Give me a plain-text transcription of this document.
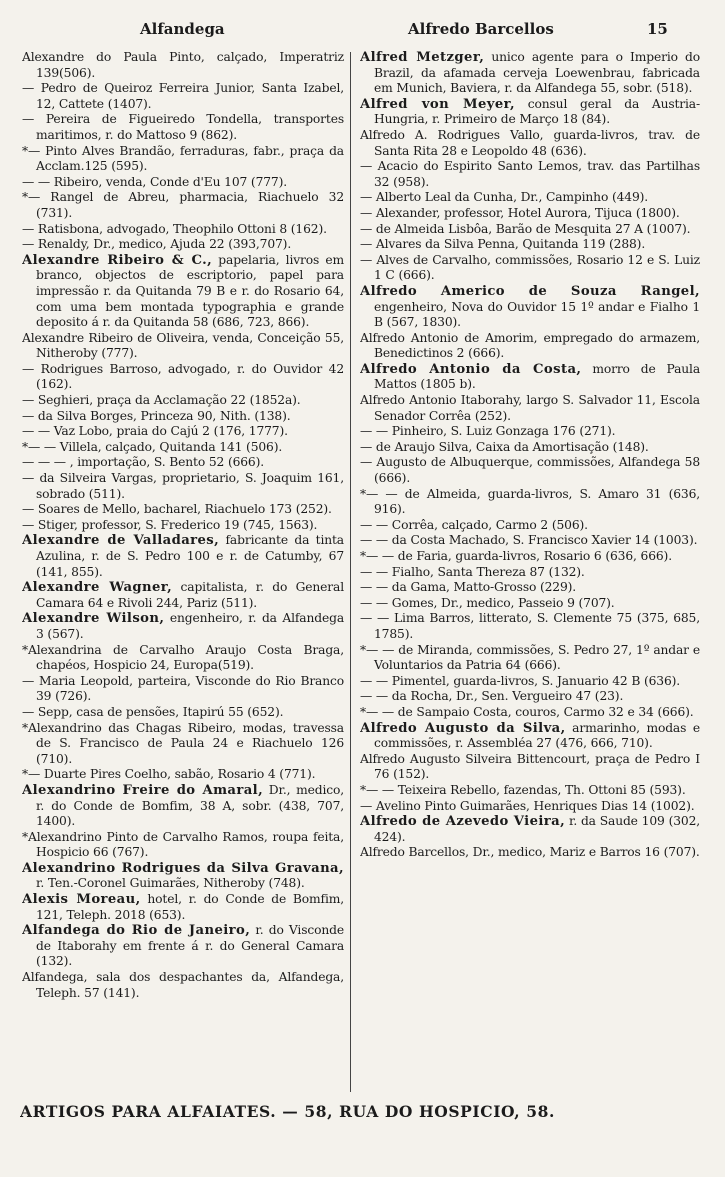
Alfandega	Alfredo Barcellos	15

Alexandre do Paula Pinto, calçado, Imperatriz 139(506).

— Pedro de Queiroz Ferreira Junior, Santa Izabel, 12, Cattete (1407).

— Pereira de Figueiredo Tondella, transportes maritimos, r. do Mattoso 9 (862).

*— Pinto Alves Brandão, ferraduras, fabr., praça da Acclam.125 (595).

— — Ribeiro, venda, Conde d'Eu 107 (777).

*— Rangel de Abreu, pharmacia, Riachuelo 32 (731).

— Ratisbona, advogado, Theophilo Ottoni 8 (162).

— Renaldy, Dr., medico, Ajuda 22 (393,707).

Alexandre Ribeiro & C., papelaria, livros em branco, objectos de escriptorio, papel para impressão r. da Quitanda 79 B e r. do Rosario 64, com uma bem montada typographia e grande deposito á r. da Quitanda 58 (686, 723, 866).

Alexandre Ribeiro de Oliveira, venda, Conceição 55, Nitheroby (777).

— Rodrigues Barroso, advogado, r. do Ouvidor 42 (162).

— Seghieri, praça da Acclamação 22 (1852a).

— da Silva Borges, Princeza 90, Nith. (138).

— — Vaz Lobo, praia do Cajú 2 (176, 1777).

*— — Villela, calçado, Quitanda 141 (506).

— — — , importação, S. Bento 52 (666).

— da Silveira Vargas, proprietario, S. Joaquim 161, sobrado (511).

— Soares de Mello, bacharel, Riachuelo 173 (252).

— Stiger, professor, S. Frederico 19 (745, 1563).

Alexandre de Valladares, fabricante da tinta Azulina, r. de S. Pedro 100 e r. de Catumby, 67 (141, 855).

Alexandre Wagner, capitalista, r. do General Camara 64 e Rivoli 244, Pariz (511).

Alexandre Wilson, engenheiro, r. da Alfandega 3 (567).

*Alexandrina de Carvalho Araujo Costa Braga, chapéos, Hospicio 24, Europa(519).

— Maria Leopold, parteira, Visconde do Rio Branco 39 (726).

— Sepp, casa de pensões, Itapirú 55 (652).

*Alexandrino das Chagas Ribeiro, modas, travessa de S. Francisco de Paula 24 e Riachuelo 126 (710).

*— Duarte Pires Coelho, sabão, Rosario 4 (771).

Alexandrino Freire do Amaral, Dr., medico, r. do Conde de Bomfim, 38 A, sobr. (438, 707, 1400).

*Alexandrino Pinto de Carvalho Ramos, roupa feita, Hospicio 66 (767).

Alexandrino Rodrigues da Silva Gravana, r. Ten.-Coronel Guimarães, Nitheroby (748).

Alexis Moreau, hotel, r. do Conde de Bomfim, 121, Teleph. 2018 (653).

Alfandega do Rio de Janeiro, r. do Visconde de Itaborahy em frente á r. do General Camara (132).

Alfandega, sala dos despachantes da, Alfandega, Teleph. 57 (141).

Alfred Metzger, unico agente para o Imperio do Brazil, da afamada cerveja Loewenbrau, fabricada em Munich, Baviera, r. da Alfandega 55, sobr. (518).

Alfred von Meyer, consul geral da Austria-Hungria, r. Primeiro de Março 18 (84).

Alfredo A. Rodrigues Vallo, guarda-livros, trav. de Santa Rita 28 e Leopoldo 48 (636).

— Acacio do Espirito Santo Lemos, trav. das Partilhas 32 (958).

— Alberto Leal da Cunha, Dr., Campinho (449).

— Alexander, professor, Hotel Aurora, Tijuca (1800).

— de Almeida Lisbôa, Barão de Mesquita 27 A (1007).

— Alvares da Silva Penna, Quitanda 119 (288).

— Alves de Carvalho, commissões, Rosario 12 e S. Luiz 1 C (666).

Alfredo Americo de Souza Rangel, engenheiro, Nova do Ouvidor 15 1º andar e Fialho 1 B (567, 1830).

Alfredo Antonio de Amorim, empregado do armazem, Benedictinos 2 (666).

Alfredo Antonio da Costa, morro de Paula Mattos (1805 b).

Alfredo Antonio Itaborahy, largo S. Salvador 11, Escola Senador Corrêa (252).

— — Pinheiro, S. Luiz Gonzaga 176 (271).

— de Araujo Silva, Caixa da Amortisação (148).

— Augusto de Albuquerque, commissões, Alfandega 58 (666).

*— — de Almeida, guarda-livros, S. Amaro 31 (636, 916).

— — Corrêa, calçado, Carmo 2 (506).

— — da Costa Machado, S. Francisco Xavier 14 (1003).

*— — de Faria, guarda-livros, Rosario 6 (636, 666).

— — Fialho, Santa Thereza 87 (132).

— — da Gama, Matto-Grosso (229).

— — Gomes, Dr., medico, Passeio 9 (707).

— — Lima Barros, litterato, S. Clemente 75 (375, 685, 1785).

*— — de Miranda, commissões, S. Pedro 27, 1º andar e Voluntarios da Patria 64 (666).

— — Pimentel, guarda-livros, S. Januario 42 B (636).

— — da Rocha, Dr., Sen. Vergueiro 47 (23).

*— — de Sampaio Costa, couros, Carmo 32 e 34 (666).

Alfredo Augusto da Silva, armarinho, modas e commissões, r. Assembléa 27 (476, 666, 710).

Alfredo Augusto Silveira Bittencourt, praça de Pedro I 76 (152).

*— — Teixeira Rebello, fazendas, Th. Ottoni 85 (593).

— Avelino Pinto Guimarães, Henriques Dias 14 (1002).

Alfredo de Azevedo Vieira, r. da Saude 109 (302, 424).

Alfredo Barcellos, Dr., medico, Mariz e Barros 16 (707).

ARTIGOS PARA ALFAIATES. — 58, RUA DO HOSPICIO, 58.
